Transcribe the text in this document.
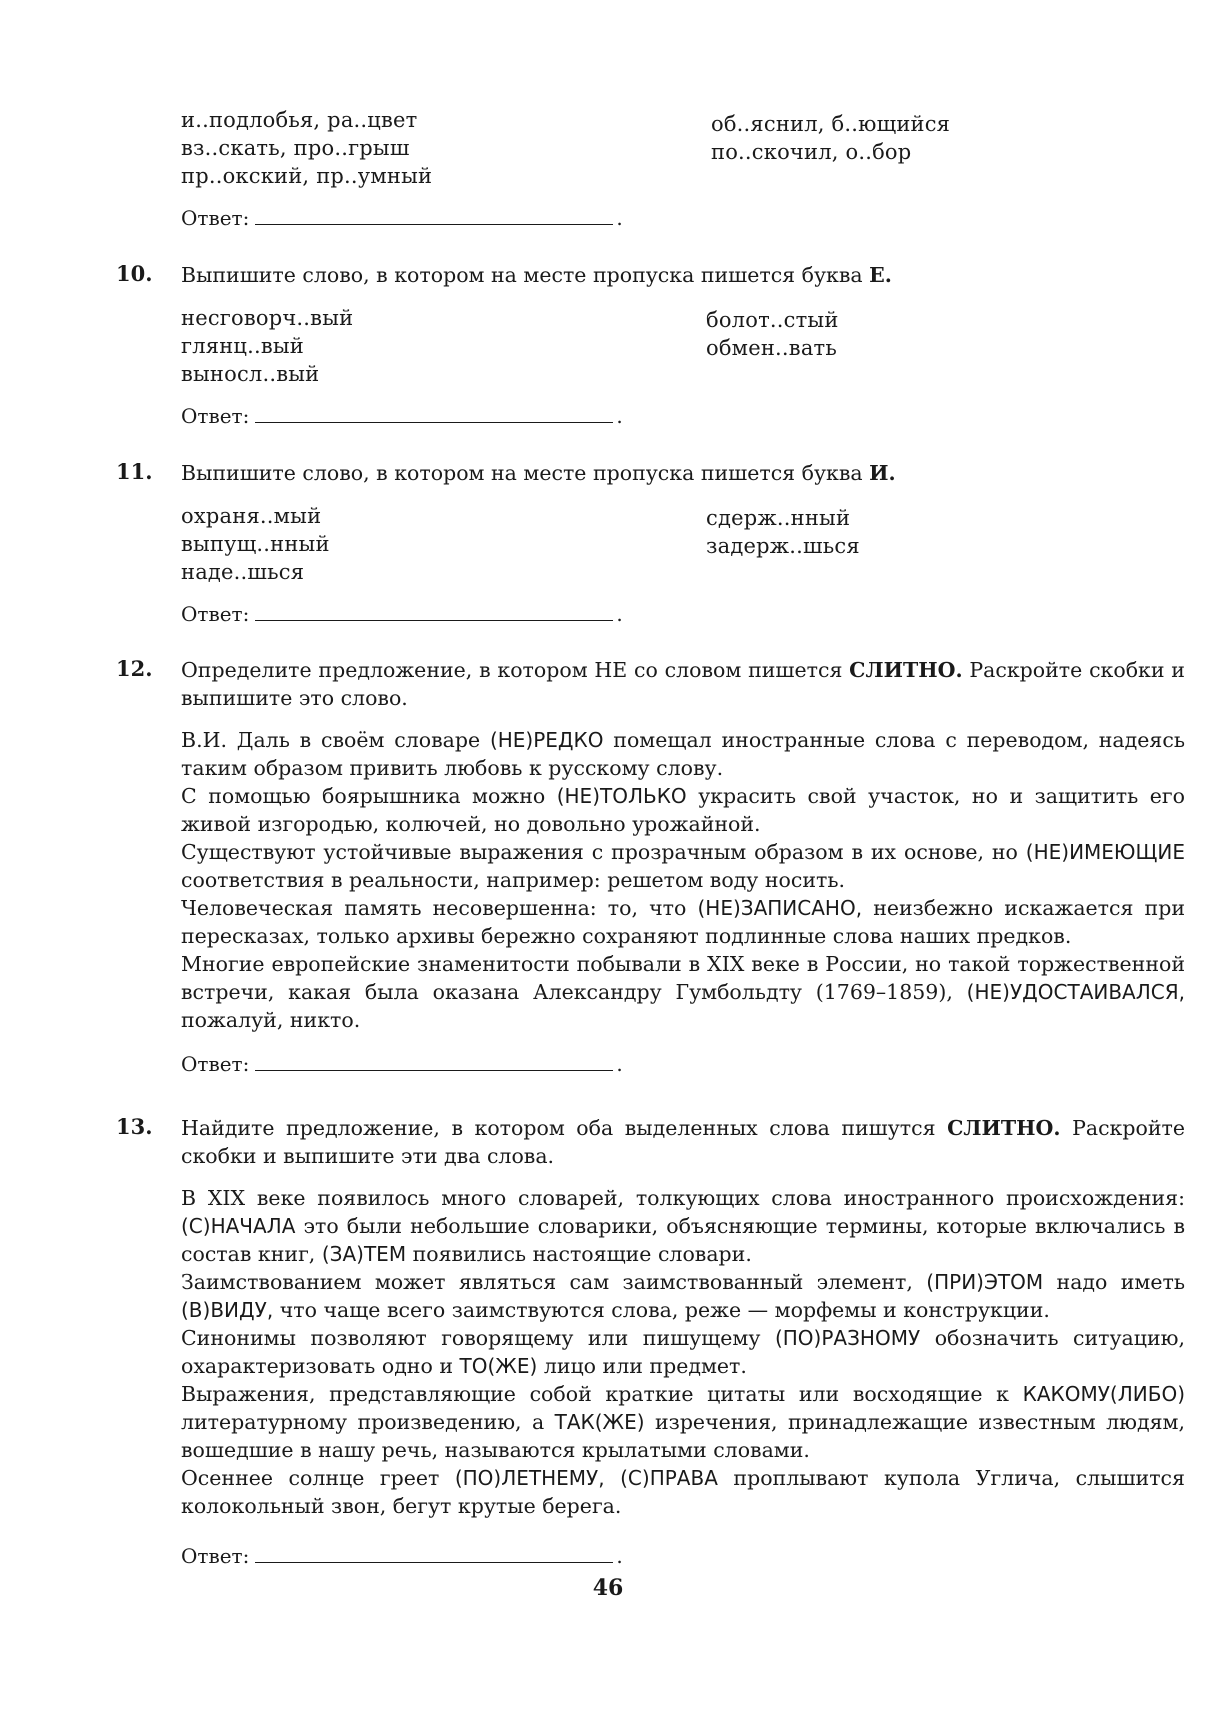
и..подлобья, ра..цвет
вз..скать, про..грыш
пр..окский, пр..умный
об..яснил, б..ющийся
по..скочил, о..бор
Ответ:	.
10. Выпишите слово, в котором на месте пропуска пишется буква Е.
несговорч..вый
глянц..вый
выносл..вый
болот..стый
обмен..вать
Ответ:	.
11. Выпишите слово, в котором на месте пропуска пишется буква И.
охраня..мый
выпущ..нный
наде..шься
сдерж..нный
задерж..шься
Ответ:	.
12. Определите предложение, в котором НЕ со словом пишется СЛИТНО. Раскройте скобки и выпишите это слово.

В.И. Даль в своём словаре (НЕ)РЕДКО помещал иностранные слова с переводом, надеясь таким образом привить любовь к русскому слову.

С помощью боярышника можно (НЕ)ТОЛЬКО украсить свой участок, но и защитить его живой изгородью, колючей, но довольно урожайной.

Существуют устойчивые выражения с прозрачным образом в их основе, но (НЕ)ИМЕЮЩИЕ соответствия в реальности, например: решетом воду носить.

Человеческая память несовершенна: то, что (НЕ)ЗАПИСАНО, неизбежно искажается при пересказах, только архивы бережно сохраняют подлинные слова наших предков.

Многие европейские знаменитости побывали в XIX веке в России, но такой торжественной встречи, какая была оказана Александру Гумбольдту (1769–1859), (НЕ)УДОСТАИВАЛСЯ, пожалуй, никто.

Ответ:	.
13. Найдите предложение, в котором оба выделенных слова пишутся СЛИТНО. Раскройте скобки и выпишите эти два слова.

В XIX веке появилось много словарей, толкующих слова иностранного происхождения: (С)НАЧАЛА это были небольшие словарики, объясняющие термины, которые включались в состав книг, (ЗА)ТЕМ появились настоящие словари.

Заимствованием может являться сам заимствованный элемент, (ПРИ)ЭТОМ надо иметь (В)ВИДУ, что чаще всего заимствуются слова, реже — морфемы и конструкции.

Синонимы позволяют говорящему или пишущему (ПО)РАЗНОМУ обозначить ситуацию, охарактеризовать одно и ТО(ЖЕ) лицо или предмет.

Выражения, представляющие собой краткие цитаты или восходящие к КАКОМУ(ЛИБО) литературному произведению, а ТАК(ЖЕ) изречения, принадлежащие известным людям, вошедшие в нашу речь, называются крылатыми словами.

Осеннее солнце греет (ПО)ЛЕТНЕМУ, (С)ПРАВА проплывают купола Углича, слышится колокольный звон, бегут крутые берега.

Ответ:	.
46
